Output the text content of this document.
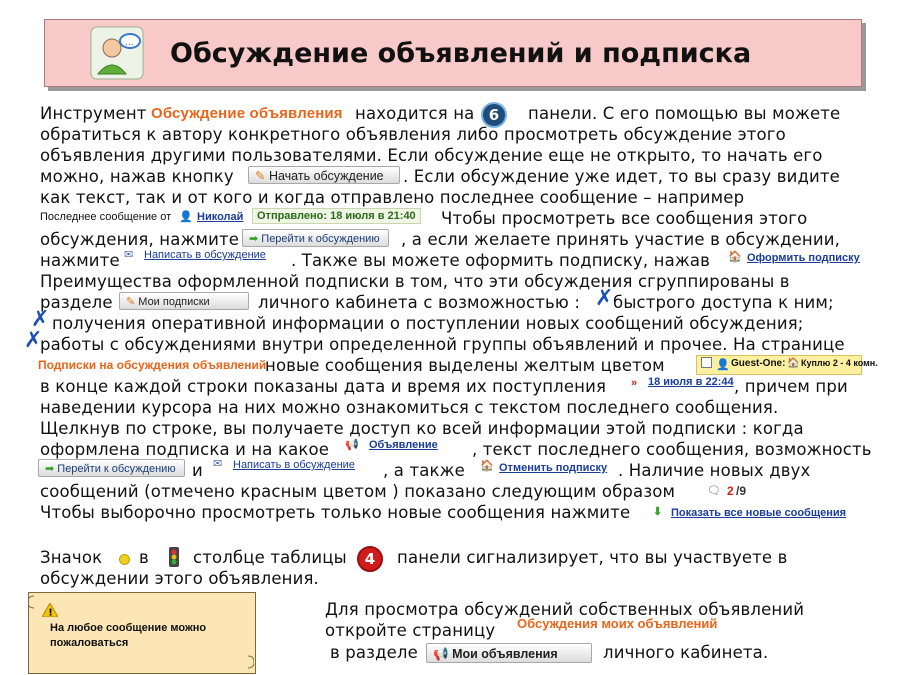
... Обсуждение объявлений и подписка
Инструмент Обсуждение объявления находится на 6	панели. С его помощью вы можете
обратиться к автору конкретного объявления либо просмотреть обсуждение этого
объявления другими пользователями. Если обсуждение еще не открыто, то начать его
можно, нажав кнопку	✎ Начать обсуждение	. Если обсуждение уже идет, то вы сразу видите
как текст, так и от кого и когда отправлено последнее сообщение – например
Последнее сообщение от 👤 Николай	Отправлено: 18 июля в 21:40	Чтобы просмотреть все сообщения этого
обсуждения, нажмите ➡ Перейти к обсуждению	, а если желаете принять участие в обсуждении,
нажмите ✉ Написать в обсуждение . Также вы можете оформить подписку, нажав 🏠 Оформить подписку
Преимущества оформленной подписки в том, что эти обсуждения сгруппированы в
разделе	✎ Мои подписки	личного кабинета с возможностью : ✗ быстрого доступа к ним;
✗ получения оперативной информации о поступлении новых сообщений обсуждения;
✗
работы с обсуждениями внутри определенной группы объявлений и прочее. На странице
Подписки на обсуждения объявлений
новые сообщения выделены желтым цветом	👤 Guest-One: 🏠 Куплю 2 - 4 комн.
в конце каждой строки показаны дата и время их поступления » 18 июля в 22:44 , причем при
наведении курсора на них можно ознакомиться с текстом последнего сообщения.
Щелкнув по строке, вы получаете доступ ко всей информации этой подписки : когда
оформлена подписка и на какое 📢 Объявление , текст последнего сообщения, возможность
➡ Перейти к обсуждению и ✉ Написать в обсуждение , а также 🏠 Отменить подписку . Наличие новых двух
сообщений (отмечено красным цветом ) показано следующим образом	🗨 2 /9
Чтобы выборочно просмотреть только новые сообщения нажмите ⬇ Показать все новые сообщения
Значок в	столбце таблицы	4	панели сигнализирует, что вы участвуете в
обсуждении этого объявления.
!
На любое сообщение можно пожаловаться
Для просмотра обсуждений собственных объявлений
откройте страницу Обсуждения моих объявлений
в разделе	📢 Мои объявления	личного кабинета.
